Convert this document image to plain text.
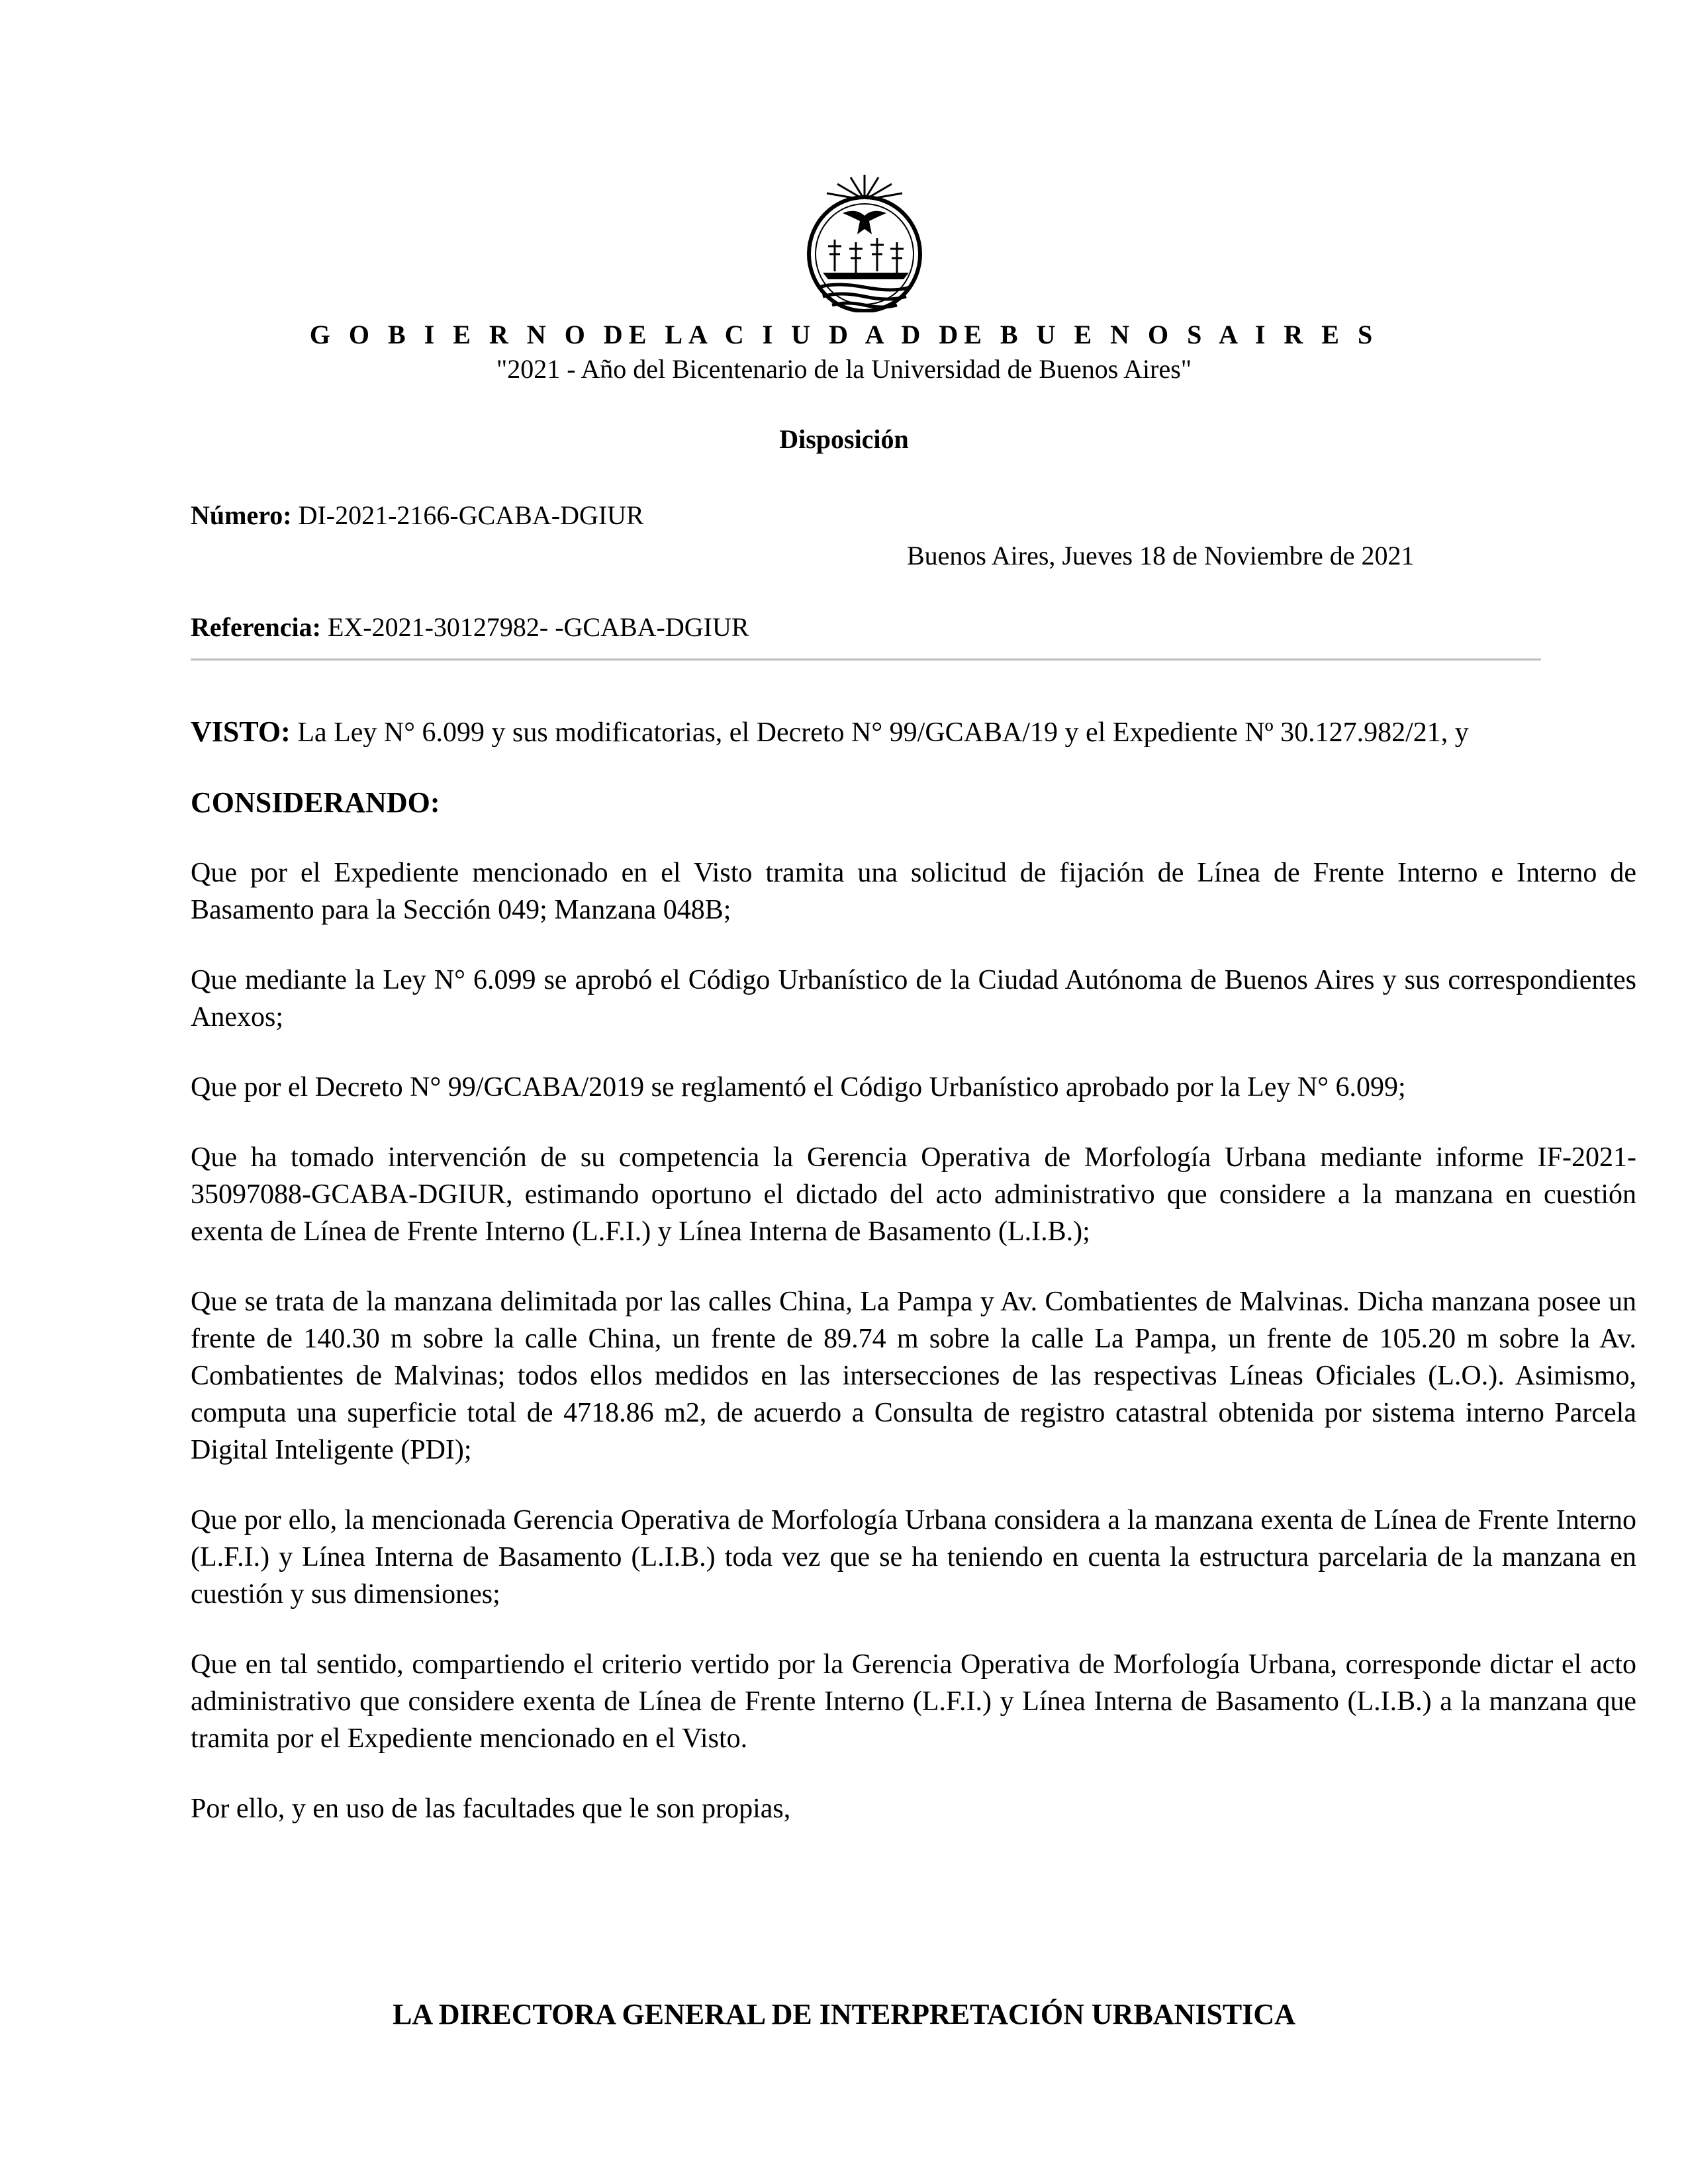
G O B I E R N O DE LA C I U D A D DE B U E N O S A I R E S
"2021 - Año del Bicentenario de la Universidad de Buenos Aires"
Disposición
Número: DI-2021-2166-GCABA-DGIUR
Buenos Aires, Jueves 18 de Noviembre de 2021
Referencia: EX-2021-30127982- -GCABA-DGIUR

VISTO: La Ley N° 6.099 y sus modificatorias, el Decreto N° 99/GCABA/19 y el Expediente Nº 30.127.982/21, y

CONSIDERANDO:

Que por el Expediente mencionado en el Visto tramita una solicitud de fijación de Línea de Frente Interno e Interno de Basamento para la Sección 049; Manzana 048B;

Que mediante la Ley N° 6.099 se aprobó el Código Urbanístico de la Ciudad Autónoma de Buenos Aires y sus correspondientes Anexos;

Que por el Decreto N° 99/GCABA/2019 se reglamentó el Código Urbanístico aprobado por la Ley N° 6.099;

Que ha tomado intervención de su competencia la Gerencia Operativa de Morfología Urbana mediante informe IF-2021-35097088-GCABA-DGIUR, estimando oportuno el dictado del acto administrativo que considere a la manzana en cuestión exenta de Línea de Frente Interno (L.F.I.) y Línea Interna de Basamento (L.I.B.);

Que se trata de la manzana delimitada por las calles China, La Pampa y Av. Combatientes de Malvinas. Dicha manzana posee un frente de 140.30 m sobre la calle China, un frente de 89.74 m sobre la calle La Pampa, un frente de 105.20 m sobre la Av. Combatientes de Malvinas; todos ellos medidos en las intersecciones de las respectivas Líneas Oficiales (L.O.). Asimismo, computa una superficie total de 4718.86 m2, de acuerdo a Consulta de registro catastral obtenida por sistema interno Parcela Digital Inteligente (PDI);

Que por ello, la mencionada Gerencia Operativa de Morfología Urbana considera a la manzana exenta de Línea de Frente Interno (L.F.I.) y Línea Interna de Basamento (L.I.B.) toda vez que se ha teniendo en cuenta la estructura parcelaria de la manzana en cuestión y sus dimensiones;

Que en tal sentido, compartiendo el criterio vertido por la Gerencia Operativa de Morfología Urbana, corresponde dictar el acto administrativo que considere exenta de Línea de Frente Interno (L.F.I.) y Línea Interna de Basamento (L.I.B.) a la manzana que tramita por el Expediente mencionado en el Visto.

Por ello, y en uso de las facultades que le son propias,

LA DIRECTORA GENERAL DE INTERPRETACIÓN URBANISTICA
